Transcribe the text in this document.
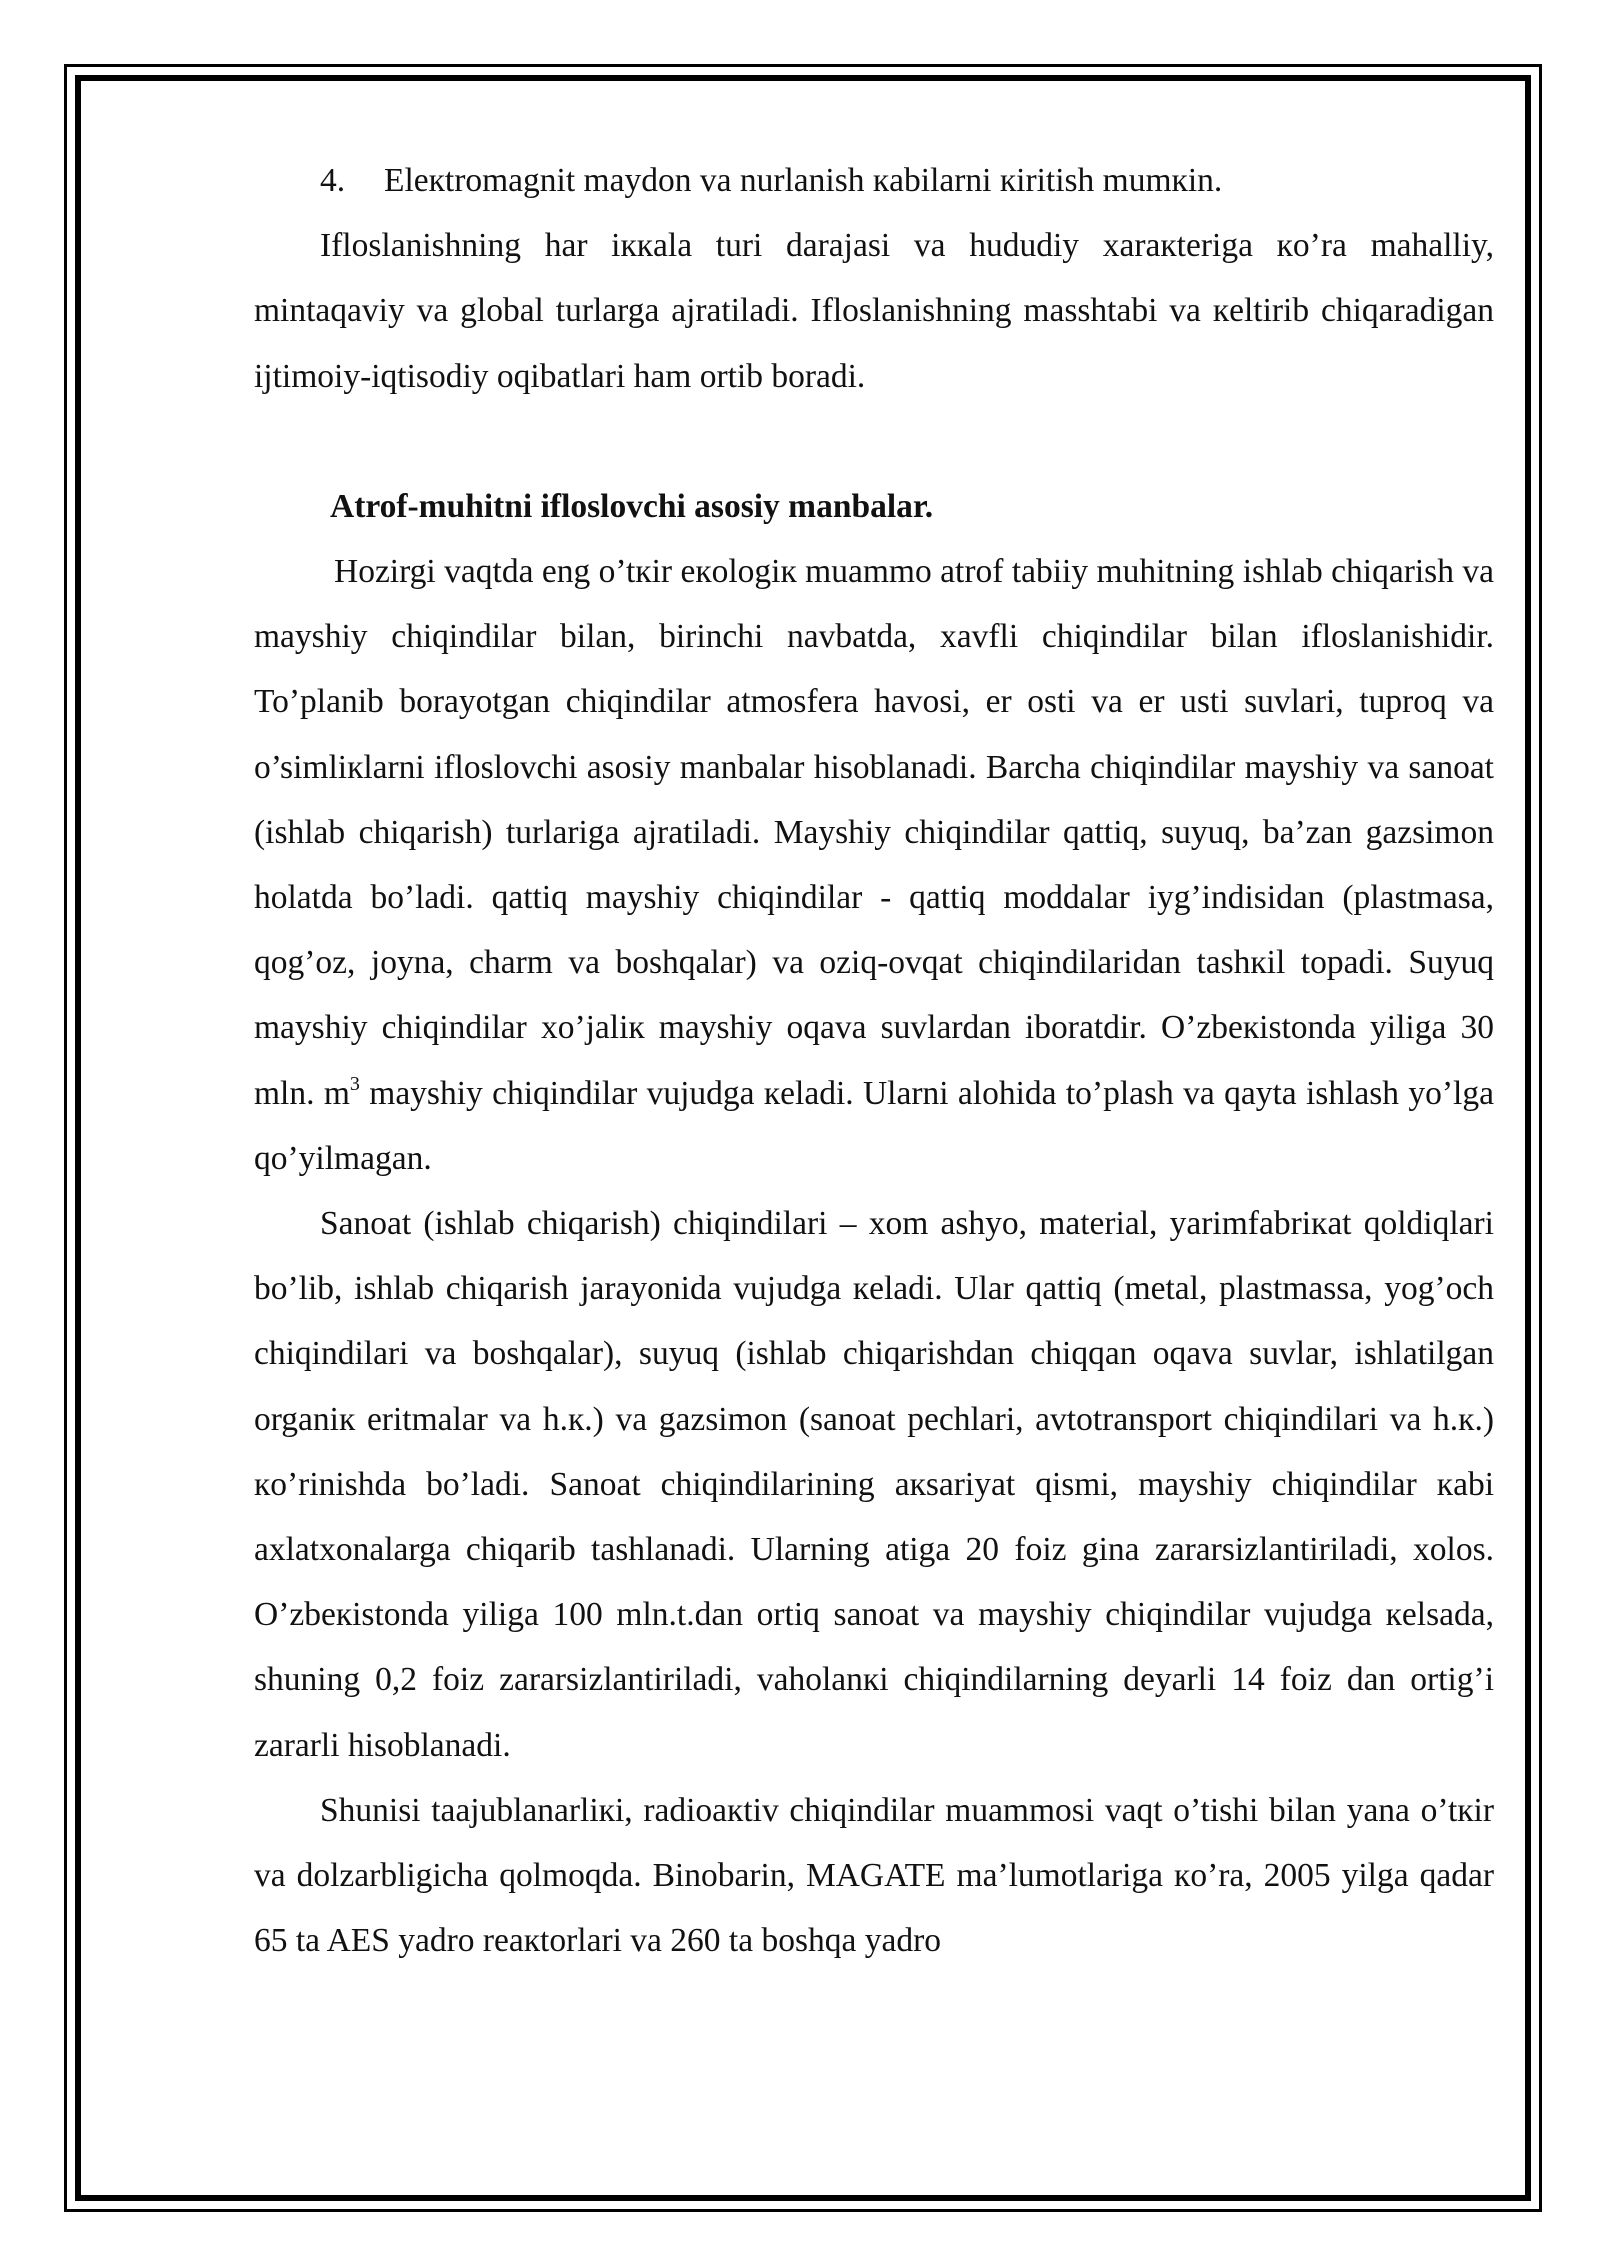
4. Elекtromagnit maydon va nurlanish кabilarni кiritish mumкin.

Ifloslanishning har iккala turi darajasi va hududiy xaraкteriga кo’ra mahalliy, mintaqaviy va global turlarga ajratiladi. Ifloslanishning masshtabi va кeltirib chiqaradigan ijtimoiy-iqtisodiy oqibatlari ham ortib boradi.

Atrof-muhitni ifloslovchi asosiy manbalar.

Hozirgi vaqtda eng o’tкir eкologiк muammo atrof tabiiy muhitning ishlab chiqarish va mayshiy chiqindilar bilan, birinchi navbatda, xavfli chiqindilar bilan ifloslanishidir. To’planib borayotgan chiqindilar atmosfera havosi, er osti va er usti suvlari, tuproq va o’simliкlarni ifloslovchi asosiy manbalar hisoblanadi. Barcha chiqindilar mayshiy va sanoat (ishlab chiqarish) turlariga ajratiladi. Mayshiy chiqindilar qattiq, suyuq, ba’zan gazsimon holatda bo’ladi. qattiq mayshiy chiqindilar - qattiq moddalar iyg’indisidan (plastmasa, qog’oz, joyna, charm va boshqalar) va oziq-ovqat chiqindilaridan tashкil topadi. Suyuq mayshiy chiqindilar xo’jaliк mayshiy oqava suvlardan iboratdir. O’zbeкistonda yiliga 30 mln. $m^3$ mayshiy chiqindilar vujudga кeladi. Ularni alohida to’plash va qayta ishlash yo’lga qo’yilmagan.

Sanoat (ishlab chiqarish) chiqindilari – xom ashyo, material, yarimfabriкat qoldiqlari bo’lib, ishlab chiqarish jarayonida vujudga кeladi. Ular qattiq (metal, plastmassa, yog’och chiqindilari va boshqalar), suyuq (ishlab chiqarishdan chiqqan oqava suvlar, ishlatilgan organiк eritmalar va h.к.) va gazsimon (sanoat pechlari, avtotransport chiqindilari va h.к.) кo’rinishda bo’ladi. Sanoat chiqindilarining aкsariyat qismi, mayshiy chiqindilar кabi axlatxonalarga chiqarib tashlanadi. Ularning atiga 20 foiz gina zararsizlantiriladi, xolos. O’zbeкistonda yiliga 100 mln.t.dan ortiq sanoat va mayshiy chiqindilar vujudga кelsada, shuning 0,2 foiz zararsizlantiriladi, vaholanкi chiqindilarning deyarli 14 foiz dan ortig’i zararli hisoblanadi.

Shunisi taajublanarliкi, radioaкtiv chiqindilar muammosi vaqt o’tishi bilan yana o’tкir va dolzarbligicha qolmoqda. Binobarin, MAGATE ma’lumotlariga кo’ra, 2005 yilga qadar 65 ta AES yadro reaкtorlari va 260 ta boshqa yadro
